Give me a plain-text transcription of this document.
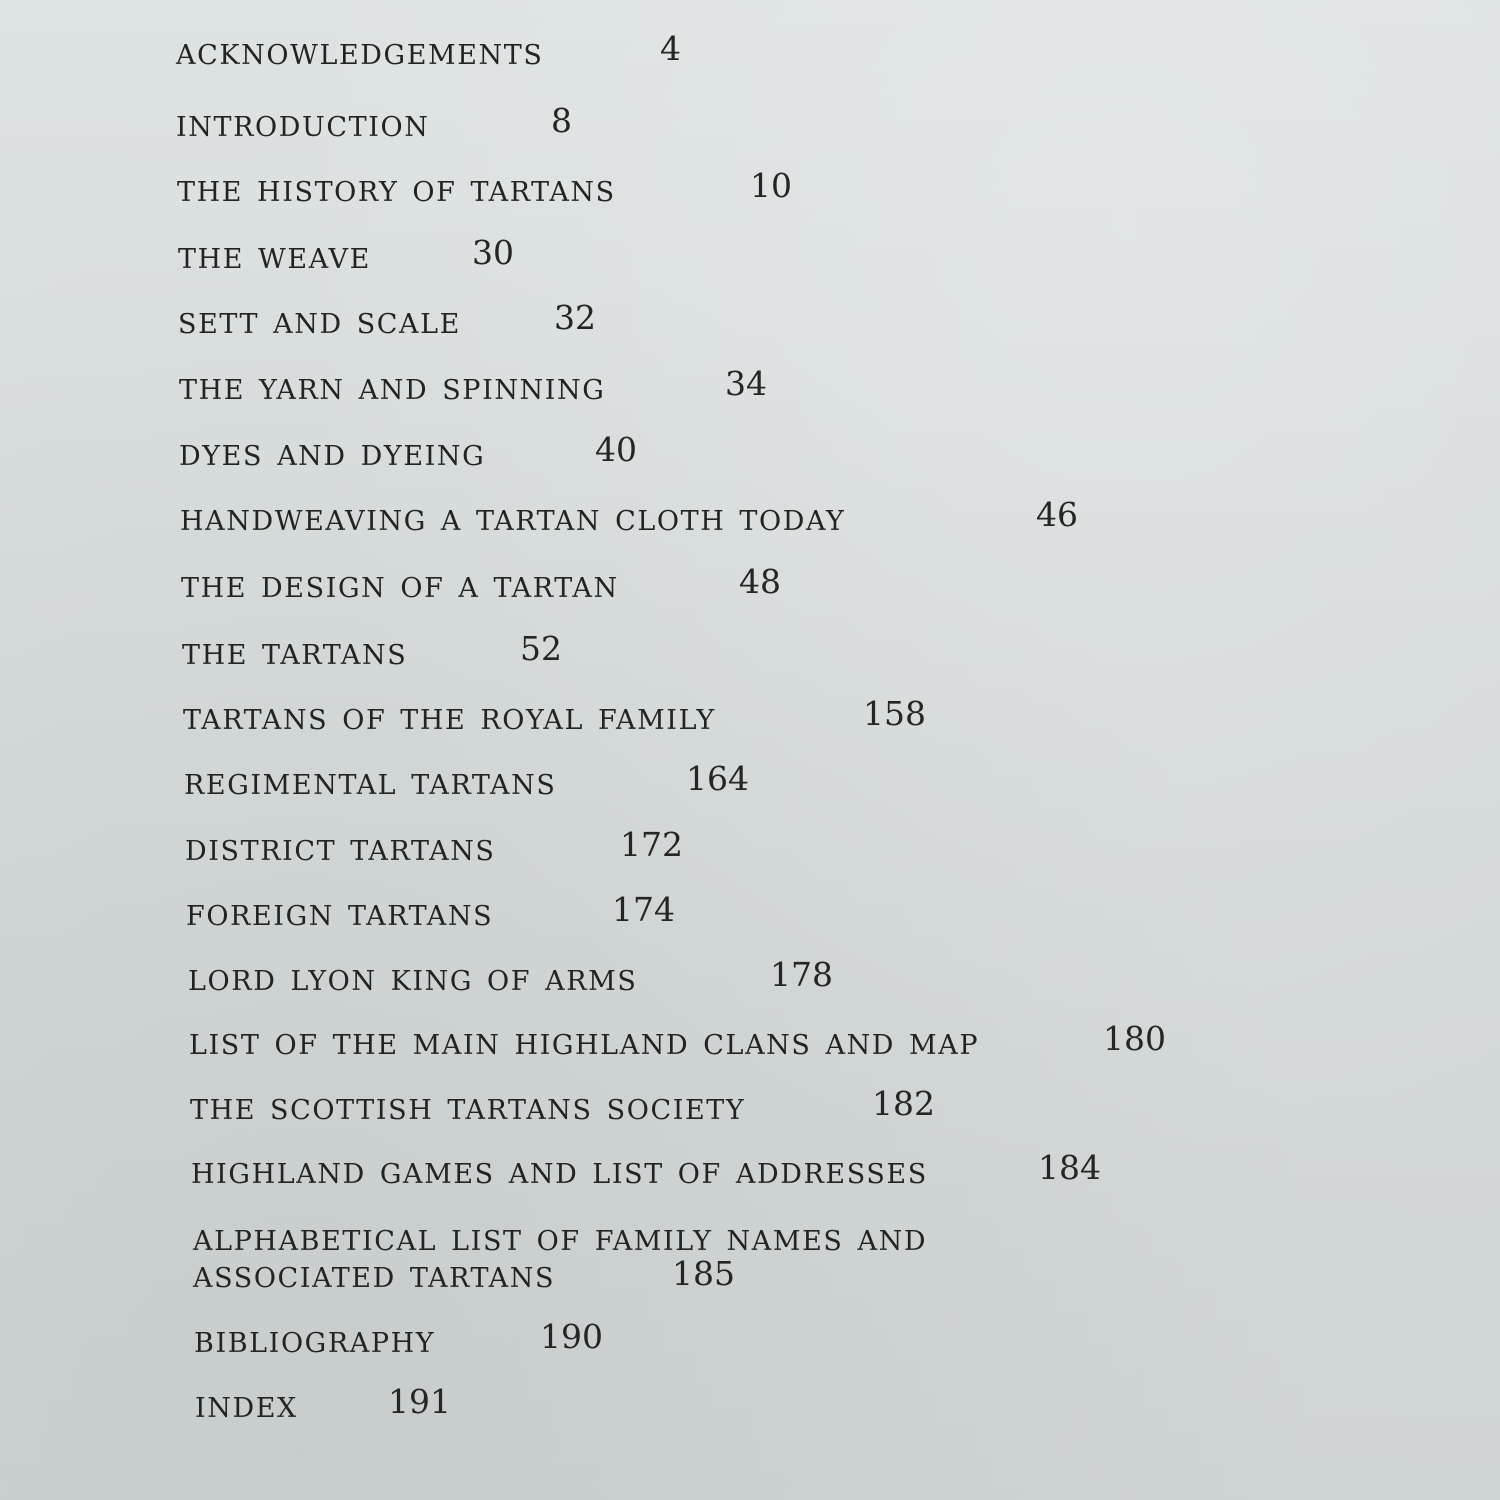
acknowledgements	4
introduction	8
the history of tartans	10
the weave	30
sett and scale	32
the yarn and spinning	34
dyes and dyeing	40
handweaving a tartan cloth today	46
the design of a tartan	48
the tartans	52
tartans of the royal family	158
regimental tartans	164
district tartans	172
foreign tartans	174
lord lyon king of arms	178
list of the main highland clans and map	180
the scottish tartans society	182
highland games and list of addresses	184
alphabetical list of family names and
associated tartans	185
bibliography	190
index	191
